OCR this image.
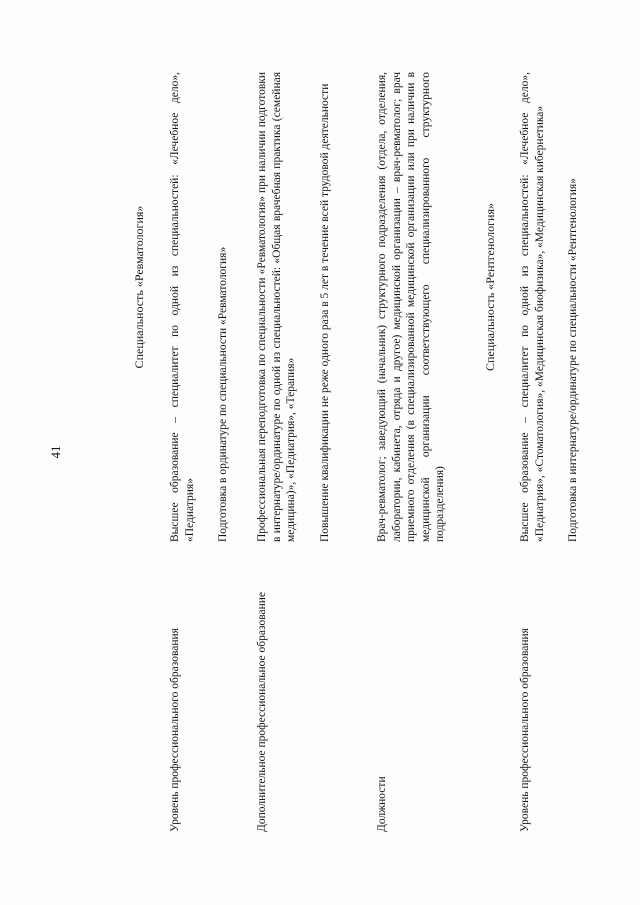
41
Специальность «Ревматология»
Уровень профессионального образования

Высшее образование – специалитет по одной из специальностей: «Лечебное дело», «Педиатрия» Подготовка в ординатуре по специальности «Ревматология»

Дополнительное профессиональное образование

Профессиональная переподготовка по специальности «Ревматология» при наличии подготовки в интернатуре/ординатуре по одной из специальностей: «Общая врачебная практика (семейная медицина)», «Педиатрия», «Терапия» Повышение квалификации не реже одного раза в 5 лет в течение всей трудовой деятельности

Должности

Врач-ревматолог; заведующий (начальник) структурного подразделения (отдела, отделения, лаборатории, кабинета, отряда и другое) медицинской организации – врач-ревматолог; врач приемного отделения (в специализированной медицинской организации или при наличии в медицинской организации соответствующего специализированного структурного подразделения)

Специальность «Рентгенология»
Уровень профессионального образования

Высшее образование – специалитет по одной из специальностей: «Лечебное дело», «Педиатрия», «Стоматология», «Медицинская биофизика», «Медицинская кибернетика» Подготовка в интернатуре/ординатуре по специальности «Рентгенология»
